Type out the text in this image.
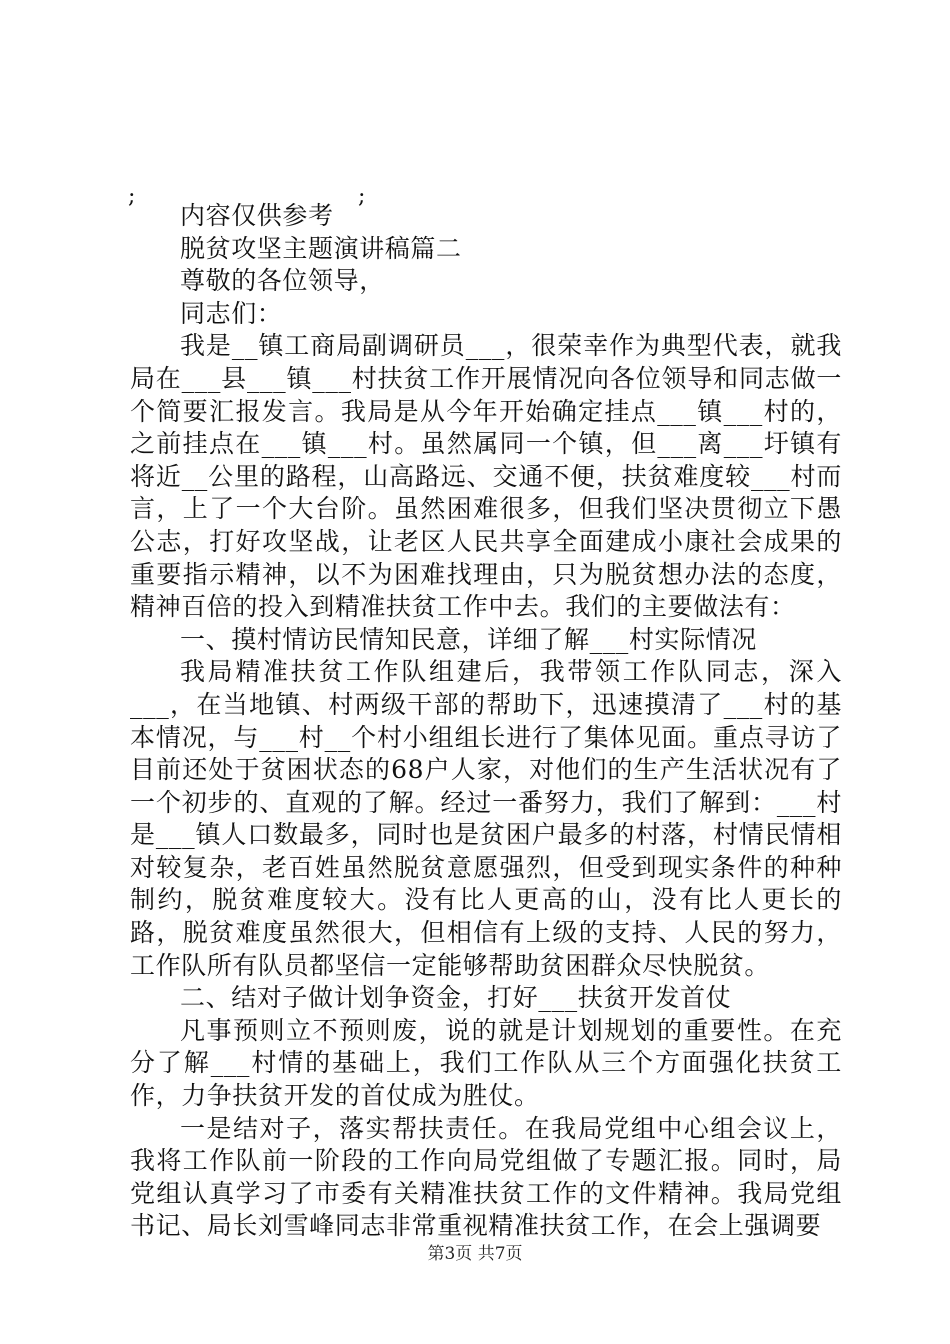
;	;

内容仅供参考

脱贫攻坚主题演讲稿篇二

尊敬的各位领导，

同志们：

我是__镇工商局副调研员___，很荣幸作为典型代表，就我局在___县___镇___村扶贫工作开展情况向各位领导和同志做一个简要汇报发言。我局是从今年开始确定挂点___镇___村的，之前挂点在___镇___村。虽然属同一个镇，但___离___圩镇有将近__公里的路程，山高路远、交通不便，扶贫难度较___村而言，上了一个大台阶。虽然困难很多，但我们坚决贯彻立下愚公志，打好攻坚战，让老区人民共享全面建成小康社会成果的重要指示精神，以不为困难找理由，只为脱贫想办法的态度，精神百倍的投入到精准扶贫工作中去。我们的主要做法有：

一、摸村情访民情知民意，详细了解___村实际情况

我局精准扶贫工作队组建后，我带领工作队同志，深入___，在当地镇、村两级干部的帮助下，迅速摸清了___村的基本情况，与___村__个村小组组长进行了集体见面。重点寻访了目前还处于贫困状态的68户人家，对他们的生产生活状况有了一个初步的、直观的了解。经过一番努力，我们了解到：___村是___镇人口数最多，同时也是贫困户最多的村落，村情民情相对较复杂，老百姓虽然脱贫意愿强烈，但受到现实条件的种种制约，脱贫难度较大。没有比人更高的山，没有比人更长的路，脱贫难度虽然很大，但相信有上级的支持、人民的努力，工作队所有队员都坚信一定能够帮助贫困群众尽快脱贫。

二、结对子做计划争资金，打好___扶贫开发首仗

凡事预则立不预则废，说的就是计划规划的重要性。在充分了解___村情的基础上，我们工作队从三个方面强化扶贫工作，力争扶贫开发的首仗成为胜仗。

一是结对子，落实帮扶责任。在我局党组中心组会议上，我将工作队前一阶段的工作向局党组做了专题汇报。同时，局党组认真学习了市委有关精准扶贫工作的文件精神。我局党组书记、局长刘雪峰同志非常重视精准扶贫工作，在会上强调要

第3页 共7页
